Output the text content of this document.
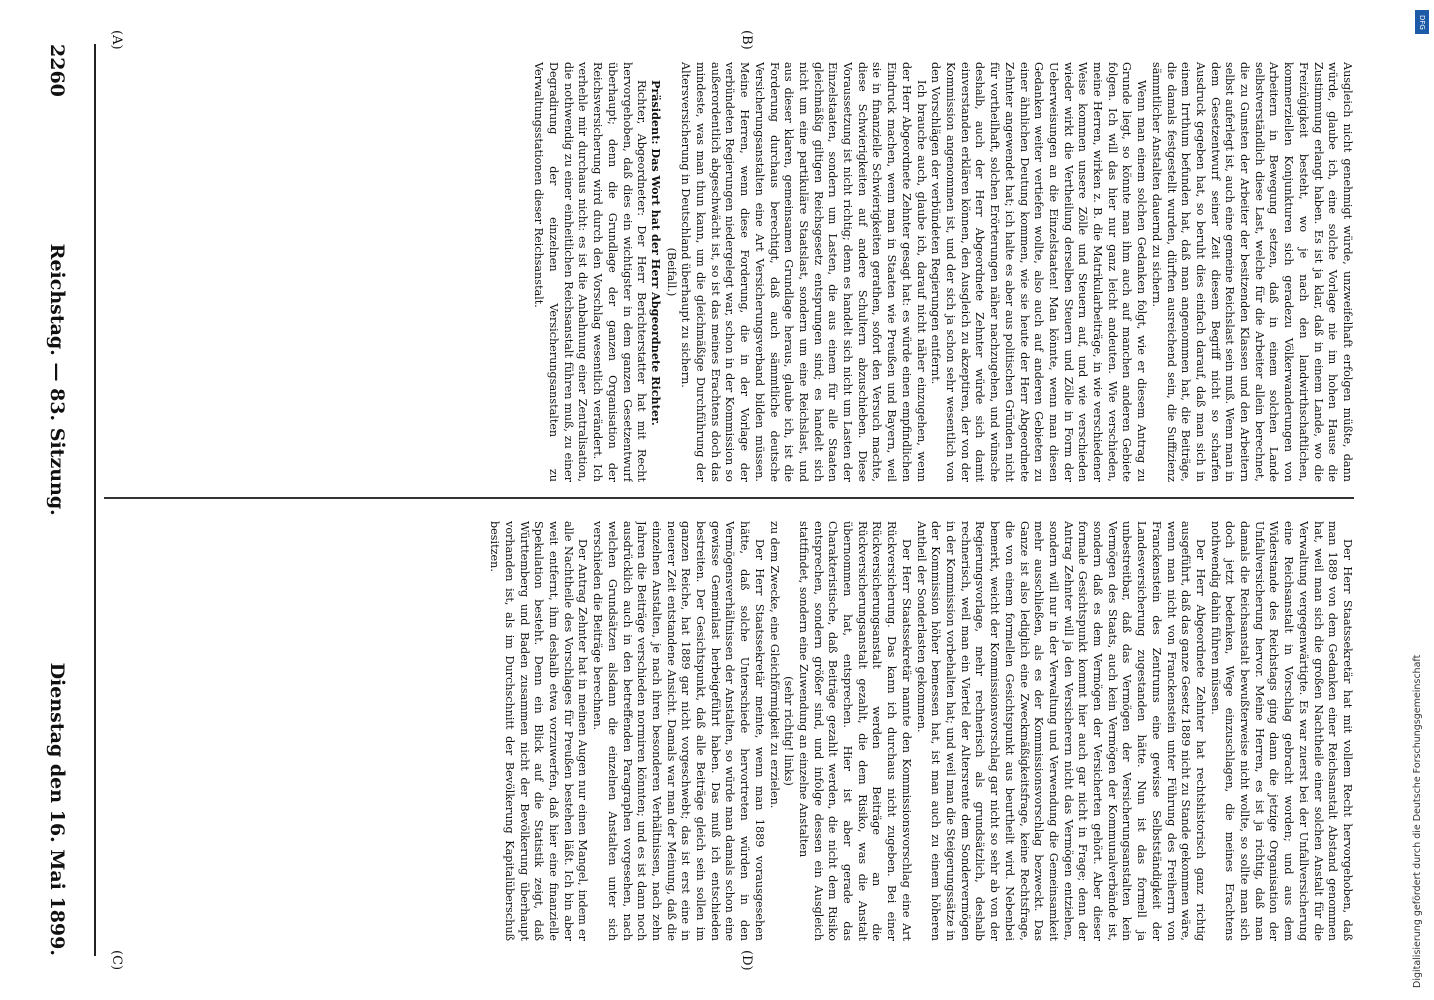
2260
Reichstag. — 83. Sitzung.
Dienstag den 16. Mai 1899.
(A)	(B)
(C)	(D)

Ausgleich nicht genehmigt würde, unzweifelhaft erfolgen müßte, dann würde, glaube ich, eine solche Vorlage nie im hohen Hause die Zustimmung erlangt haben. Es ist ja klar, daß in einem Lande, wo die Freizügigkeit besteht, wo je nach den landwirthschaftlichen, kommerziellen Konjunkturen sich geradezu Völkerwanderungen von Arbeitern in Bewegung setzen, daß in einem solchen Lande selbstverständlich diese Last, welche für die Arbeiter allein berechnet, die zu Gunsten der Arbeiter der besitzenden Klassen und den Arbeitern selbst auferlegt ist, auch eine gemeine Reichslast sein muß. Wenn man in dem Gesetzentwurf seiner Zeit diesem Begriff nicht so scharfen Ausdruck gegeben hat, so beruht dies einfach darauf, daß man sich in einem Irrthum befunden hat, daß man angenommen hat, die Beiträge, die damals festgestellt wurden, dürften ausreichend sein, die Suffizienz sämmtlicher Anstalten dauernd zu sichern.

Wenn man einem solchen Gedanken folgt, wie er diesem Antrag zu Grunde liegt, so könnte man ihm auch auf manchen anderen Gebiete folgen. Ich will das hier nur ganz leicht andeuten. Wie verschieden, meine Herren, wirken z. B. die Matrikularbeiträge, in wie verschiedener Weise kommen unsere Zölle und Steuern auf, und wie verschieden wieder wirkt die Vertheilung derselben Steuern und Zölle in Form der Ueberweisungen an die Einzelstaaten! Man könnte, wenn man diesen Gedanken weiter vertiefen wollte, also auch auf anderen Gebieten zu einer ähnlichen Deutung kommen, wie sie heute der Herr Abgeordnete Zehnter angewendet hat; ich halte es aber aus politischen Gründen nicht für vortheilhaft, solchen Erörterungen näher nachzugehen, und wünsche deshalb, auch der Herr Abgeordnete Zehnter würde sich damit einverstanden erklären können, den Ausgleich zu akzeptiren, der von der Kommission angenommen ist, und der sich ja schon sehr wesentlich von den Vorschlägen der verbündeten Regierungen entfernt.

Ich brauche auch, glaube ich, darauf nicht näher einzugehen, wenn der Herr Abgeordnete Zehnter gesagt hat: es würde einen empfindlichen Eindruck machen, wenn man in Staaten wie Preußen und Bayern, weil sie in finanzielle Schwierigkeiten gerathen, sofort den Versuch machte, diese Schwierigkeiten auf andere Schultern abzuschieben. Diese Voraussetzung ist nicht richtig; denn es handelt sich nicht um Lasten der Einzelstaaten, sondern um Lasten, die aus einem für alle Staaten gleichmäßig giltigen Reichsgesetz entsprungen sind; es handelt sich nicht um eine partikuläre Staatslast, sondern um eine Reichslast, und aus dieser klaren, gemeinsamen Grundlage heraus, glaube ich, ist die Forderung durchaus berechtigt, daß auch sämmtliche deutsche Versicherungsanstalten eine Art Versicherungsverband bilden müssen. Meine Herren, wenn diese Forderung, die in der Vorlage der verbündeten Regierungen niedergelegt war, schon in der Kommission so außerordentlich abgeschwächt ist, so ist das meines Erachtens doch das mindeste, was man thun kann, um die gleichmäßige Durchführung der Altersversicherung in Deutschland überhaupt zu sichern.

(Beifall.)

Präsident: Das Wort hat der Herr Abgeordnete Richter.

Richter, Abgeordneter: Der Herr Berichterstatter hat mit Recht hervorgehoben, daß dies ein wichtigster in dem ganzen Gesetzentwurf überhaupt; denn die Grundlage der ganzen Organisation der Reichsversicherung wird durch den Vorschlag wesentlich verändert. Ich verhehle mir durchaus nicht: es ist die Anbahnung einer Zentralisation, die nothwendig zu einer einheitlichen Reichsanstalt führen muß, zu einer Degradirung der einzelnen Versicherungsanstalten zu Verwaltungsstationen dieser Reichsanstalt.

Der Herr Staatssekretär hat mit vollem Recht hervorgehoben, daß man 1889 von dem Gedanken einer Reichsanstalt Abstand genommen hat, weil man sich die großen Nachtheile einer solchen Anstalt für die Verwaltung vergegenwärtigte. Es war zuerst bei der Unfallversicherung eine Reichsanstalt in Vorschlag gebracht worden; und aus dem Widerstande des Reichstags ging dann die jetzige Organisation der Unfallversicherung hervor. Meine Herren, es ist ja richtig, daß man damals die Reichsanstalt bewußterweise nicht wollte, so sollte man sich doch jetzt bedenken, Wege einzuschlagen, die meines Erachtens nothwendig dahin führen müssen.

Der Herr Abgeordnete Zehnter hat rechtshistorisch ganz richtig ausgeführt, daß das ganze Gesetz 1889 nicht zu Stande gekommen wäre, wenn man nicht von Franckenstein unter Führung des Freiherrn von Franckenstein des Zentrums eine gewisse Selbstständigkeit der Landesversicherung zugestanden hätte. Nun ist das formell ja unbestreitbar, daß das Vermögen der Versicherungsanstalten kein Vermögen des Staats, auch kein Vermögen der Kommunalverbände ist, sondern daß es dem Vermögen der Versicherten gehört. Aber dieser formale Gesichtspunkt kommt hier auch gar nicht in Frage; denn der Antrag Zehnter will ja den Versicherern nicht das Vermögen entziehen, sondern will nur in der Verwaltung und Verwendung die Gemeinsamkeit mehr ausschließen, als es der Kommissionsvorschlag bezweckt. Das Ganze ist also lediglich eine Zweckmäßigkeitsfrage, keine Rechtsfrage, die von einem formellen Gesichtspunkt aus beurtheilt wird. Nebenbei bemerkt, weicht der Kommissionsvorschlag gar nicht so sehr ab von der Regierungsvorlage, mehr rechnerisch als grundsätzlich, deshalb rechnerisch, weil man ein Viertel der Altersrente dem Sondervermögen in der Kommission vorbehalten hat; und weil man die Steigerungssätze in der Kommission höher bemessen hat, ist man auch zu einem höheren Antheil der Sonderlasten gekommen.

Der Herr Staatssekretär nannte den Kommissionsvorschlag eine Art Rückversicherung. Das kann ich durchaus nicht zugeben. Bei einer Rückversicherungsanstalt werden Beiträge an die Rückversicherungsanstalt gezahlt, die dem Risiko, was die Anstalt übernommen hat, entsprechen. Hier ist aber gerade das Charakteristische, daß Beiträge gezahlt werden, die nicht dem Risiko entsprechen, sondern größer sind, und infolge dessen ein Ausgleich stattfindet, sondern eine Zuwendung an einzelne Anstalten

(sehr richtig! links)

zu dem Zwecke, eine Gleichförmigkeit zu erzielen.

Der Herr Staatssekretär meinte, wenn man 1889 vorausgesehen hätte, daß solche Unterschiede hervortreten würden in den Vermögensverhältnissen der Anstalten, so würde man damals schon eine gewisse Gemeinlast herbeigeführt haben. Das muß ich entschieden bestreiten. Der Gesichtspunkt, daß alle Beiträge gleich sein sollen im ganzen Reiche, hat 1889 gar nicht vorgeschwebt; das ist erst eine in neuerer Zeit entstandene Ansicht. Damals war man der Meinung, daß die einzelnen Anstalten, je nach ihren besonderen Verhältnissen, nach zehn Jahren die Beiträge verschieden normiren könnten; und es ist dann noch ausdrücklich auch in den betreffenden Paragraphen vorgesehen, nach welchen Grundsätzen alsdann die einzelnen Anstalten unter sich verschieden die Beiträge berechnen.

Der Antrag Zehnter hat in meinen Augen nur einen Mangel, indem er alle Nachtheile des Vorschlages für Preußen bestehen läßt. Ich bin aber weit entfernt, ihm deshalb etwa vorzuwerfen, daß hier eine finanzielle Spekulation besteht. Denn ein Blick auf die Statistik zeigt, daß Württemberg und Baden zusammen nicht der Bevölkerung überhaupt vorhanden ist, als im Durchschnitt der Bevölkerung Kapitalüberschuß besitzen.

DFG
Digitalisierung gefördert durch die Deutsche Forschungsgemeinschaft
